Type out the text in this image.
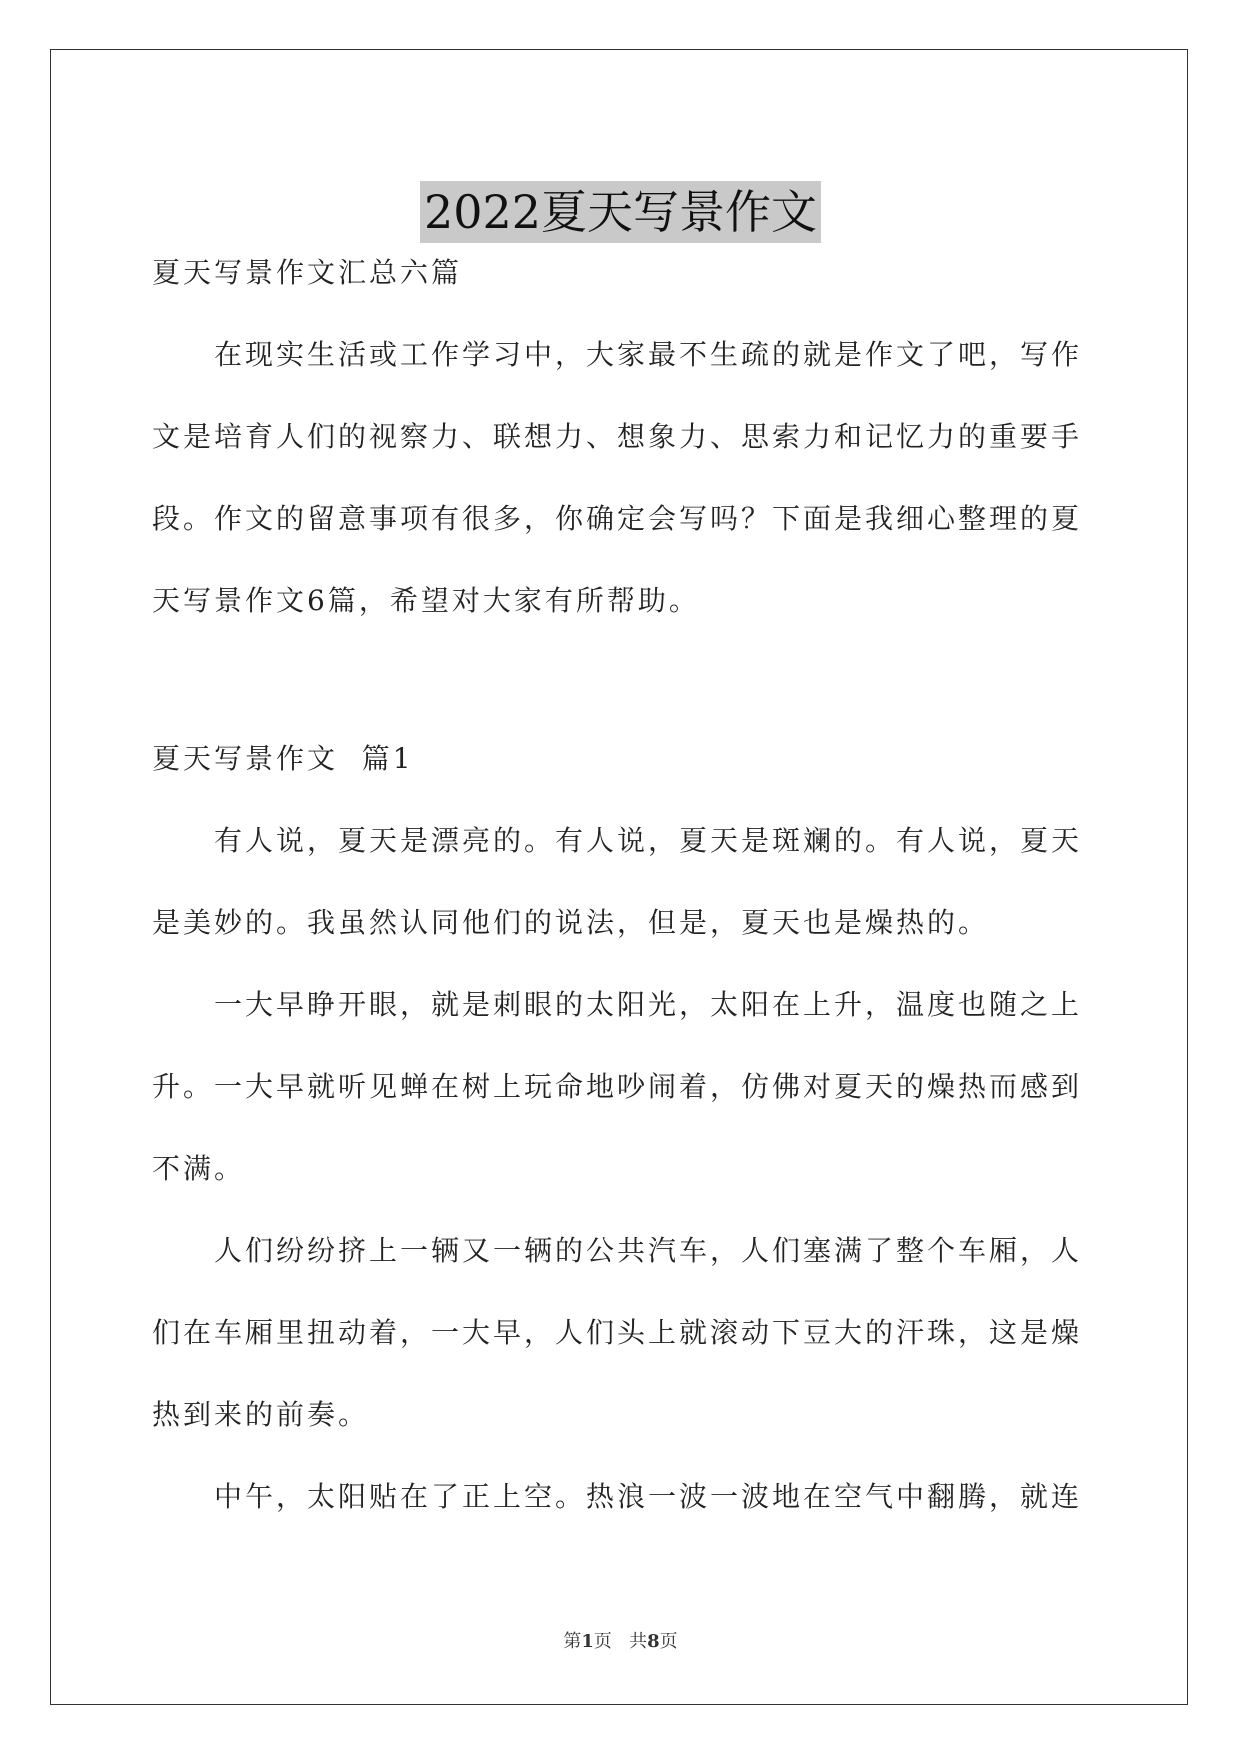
2022夏天写景作文
夏天写景作文汇总六篇
在现实生活或工作学习中，大家最不生疏的就是作文了吧，写作
文是培育人们的视察力、联想力、想象力、思索力和记忆力的重要手
段。作文的留意事项有很多，你确定会写吗？下面是我细心整理的夏
天写景作文6篇，希望对大家有所帮助。
夏天写景作文  篇1
有人说，夏天是漂亮的。有人说，夏天是斑斓的。有人说，夏天
是美妙的。我虽然认同他们的说法，但是，夏天也是燥热的。
一大早睁开眼，就是刺眼的太阳光，太阳在上升，温度也随之上
升。一大早就听见蝉在树上玩命地吵闹着，仿佛对夏天的燥热而感到
不满。
人们纷纷挤上一辆又一辆的公共汽车，人们塞满了整个车厢，人
们在车厢里扭动着，一大早，人们头上就滚动下豆大的汗珠，这是燥
热到来的前奏。
中午，太阳贴在了正上空。热浪一波一波地在空气中翻腾，就连
第1页   共8页
